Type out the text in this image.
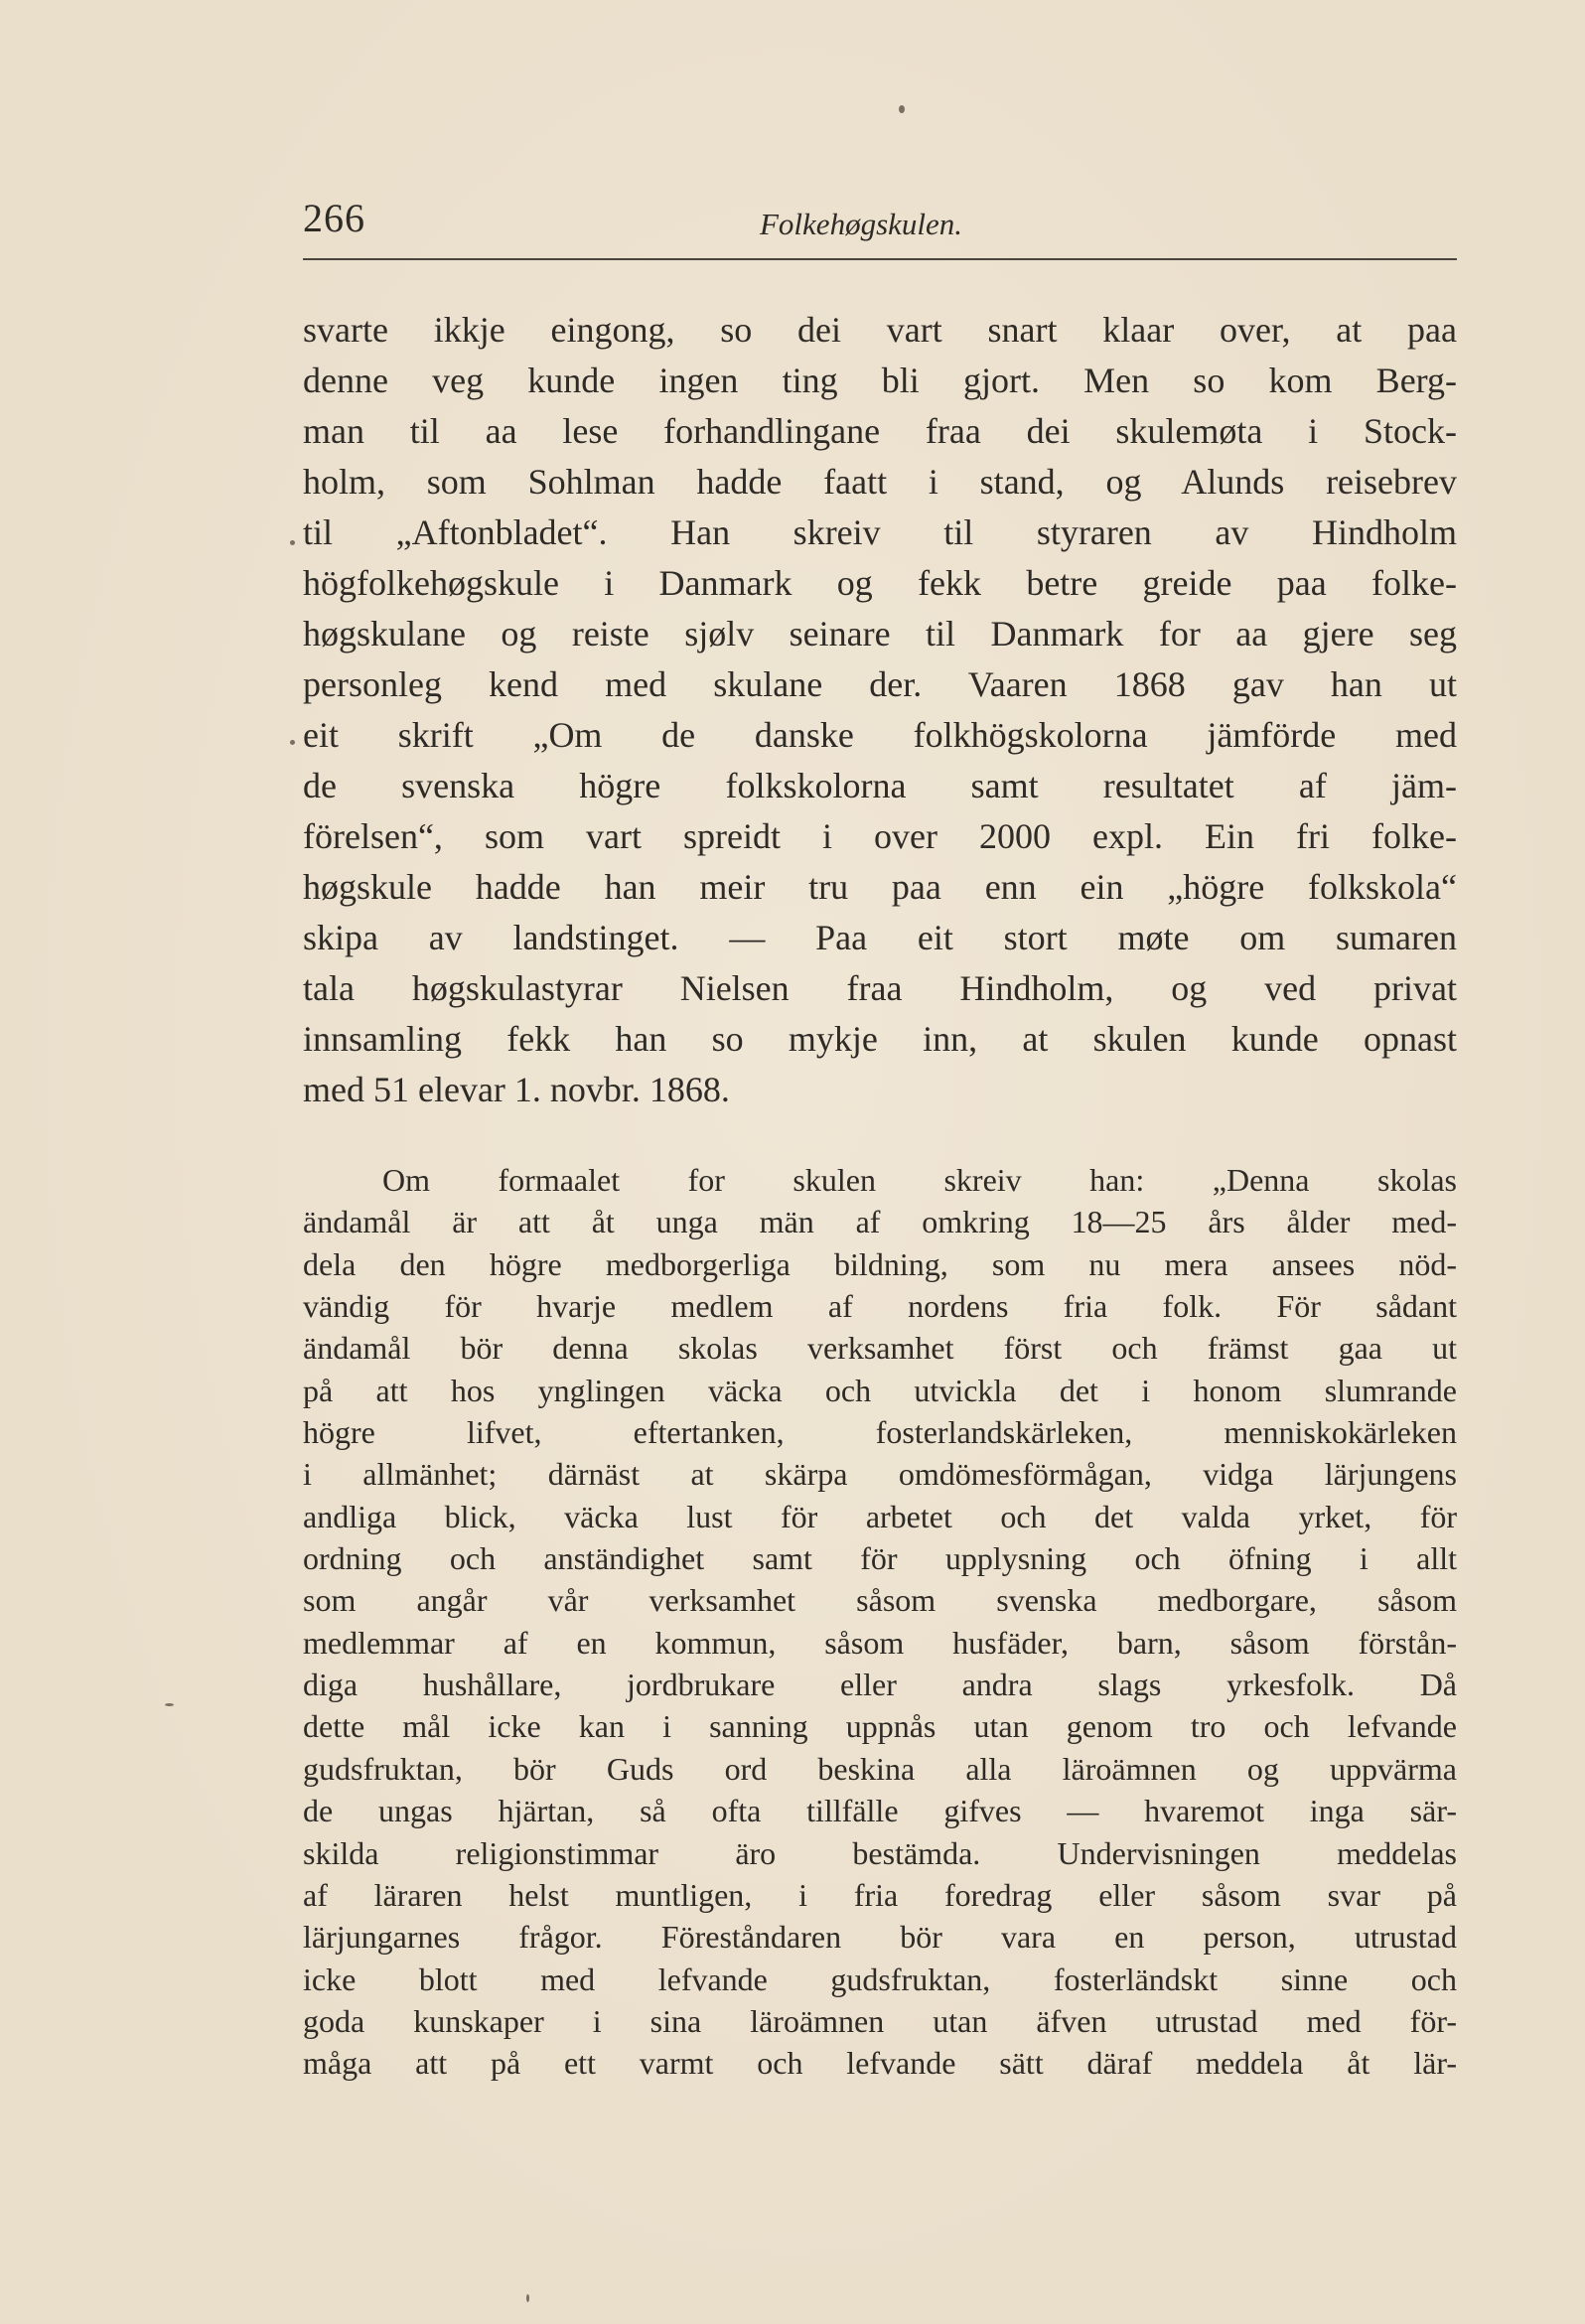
266	Folkehøgskulen.
svarte ikkje eingong, so dei vart snart klaar over, at paa
denne veg kunde ingen ting bli gjort. Men so kom Berg-
man til aa lese forhandlingane fraa dei skulemøta i Stock-
holm, som Sohlman hadde faatt i stand, og Alunds reisebrev
til „Aftonbladet“. Han skreiv til styraren av Hindholm
högfolkehøgskule i Danmark og fekk betre greide paa folke-
høgskulane og reiste sjølv seinare til Danmark for aa gjere seg
personleg kend med skulane der. Vaaren 1868 gav han ut
eit skrift „Om de danske folkhögskolorna jämförde med
de svenska högre folkskolorna samt resultatet af jäm-
förelsen“, som vart spreidt i over 2000 expl. Ein fri folke-
høgskule hadde han meir tru paa enn ein „högre folkskola“
skipa av landstinget. — Paa eit stort møte om sumaren
tala høgskulastyrar Nielsen fraa Hindholm, og ved privat
innsamling fekk han so mykje inn, at skulen kunde opnast
med 51 elevar 1. novbr. 1868.
Om formaalet for skulen skreiv han: „Denna skolas
ändamål är att åt unga män af omkring 18—25 års ålder med-
dela den högre medborgerliga bildning, som nu mera ansees nöd-
vändig för hvarje medlem af nordens fria folk. För sådant
ändamål bör denna skolas verksamhet först och främst gaa ut
på att hos ynglingen väcka och utvickla det i honom slumrande
högre lifvet, eftertanken, fosterlandskärleken, menniskokärleken
i allmänhet; därnäst at skärpa omdömesförmågan, vidga lärjungens
andliga blick, väcka lust för arbetet och det valda yrket, för
ordning och anständighet samt för upplysning och öfning i allt
som angår vår verksamhet såsom svenska medborgare, såsom
medlemmar af en kommun, såsom husfäder, barn, såsom förstån-
diga hushållare, jordbrukare eller andra slags yrkesfolk. Då
dette mål icke kan i sanning uppnås utan genom tro och lefvande
gudsfruktan, bör Guds ord beskina alla läroämnen og uppvärma
de ungas hjärtan, så ofta tillfälle gifves — hvaremot inga sär-
skilda religionstimmar äro bestämda. Undervisningen meddelas
af läraren helst muntligen, i fria foredrag eller såsom svar på
lärjungarnes frågor. Föreståndaren bör vara en person, utrustad
icke blott med lefvande gudsfruktan, fosterländskt sinne och
goda kunskaper i sina läroämnen utan äfven utrustad med för-
måga att på ett varmt och lefvande sätt däraf meddela åt lär-
